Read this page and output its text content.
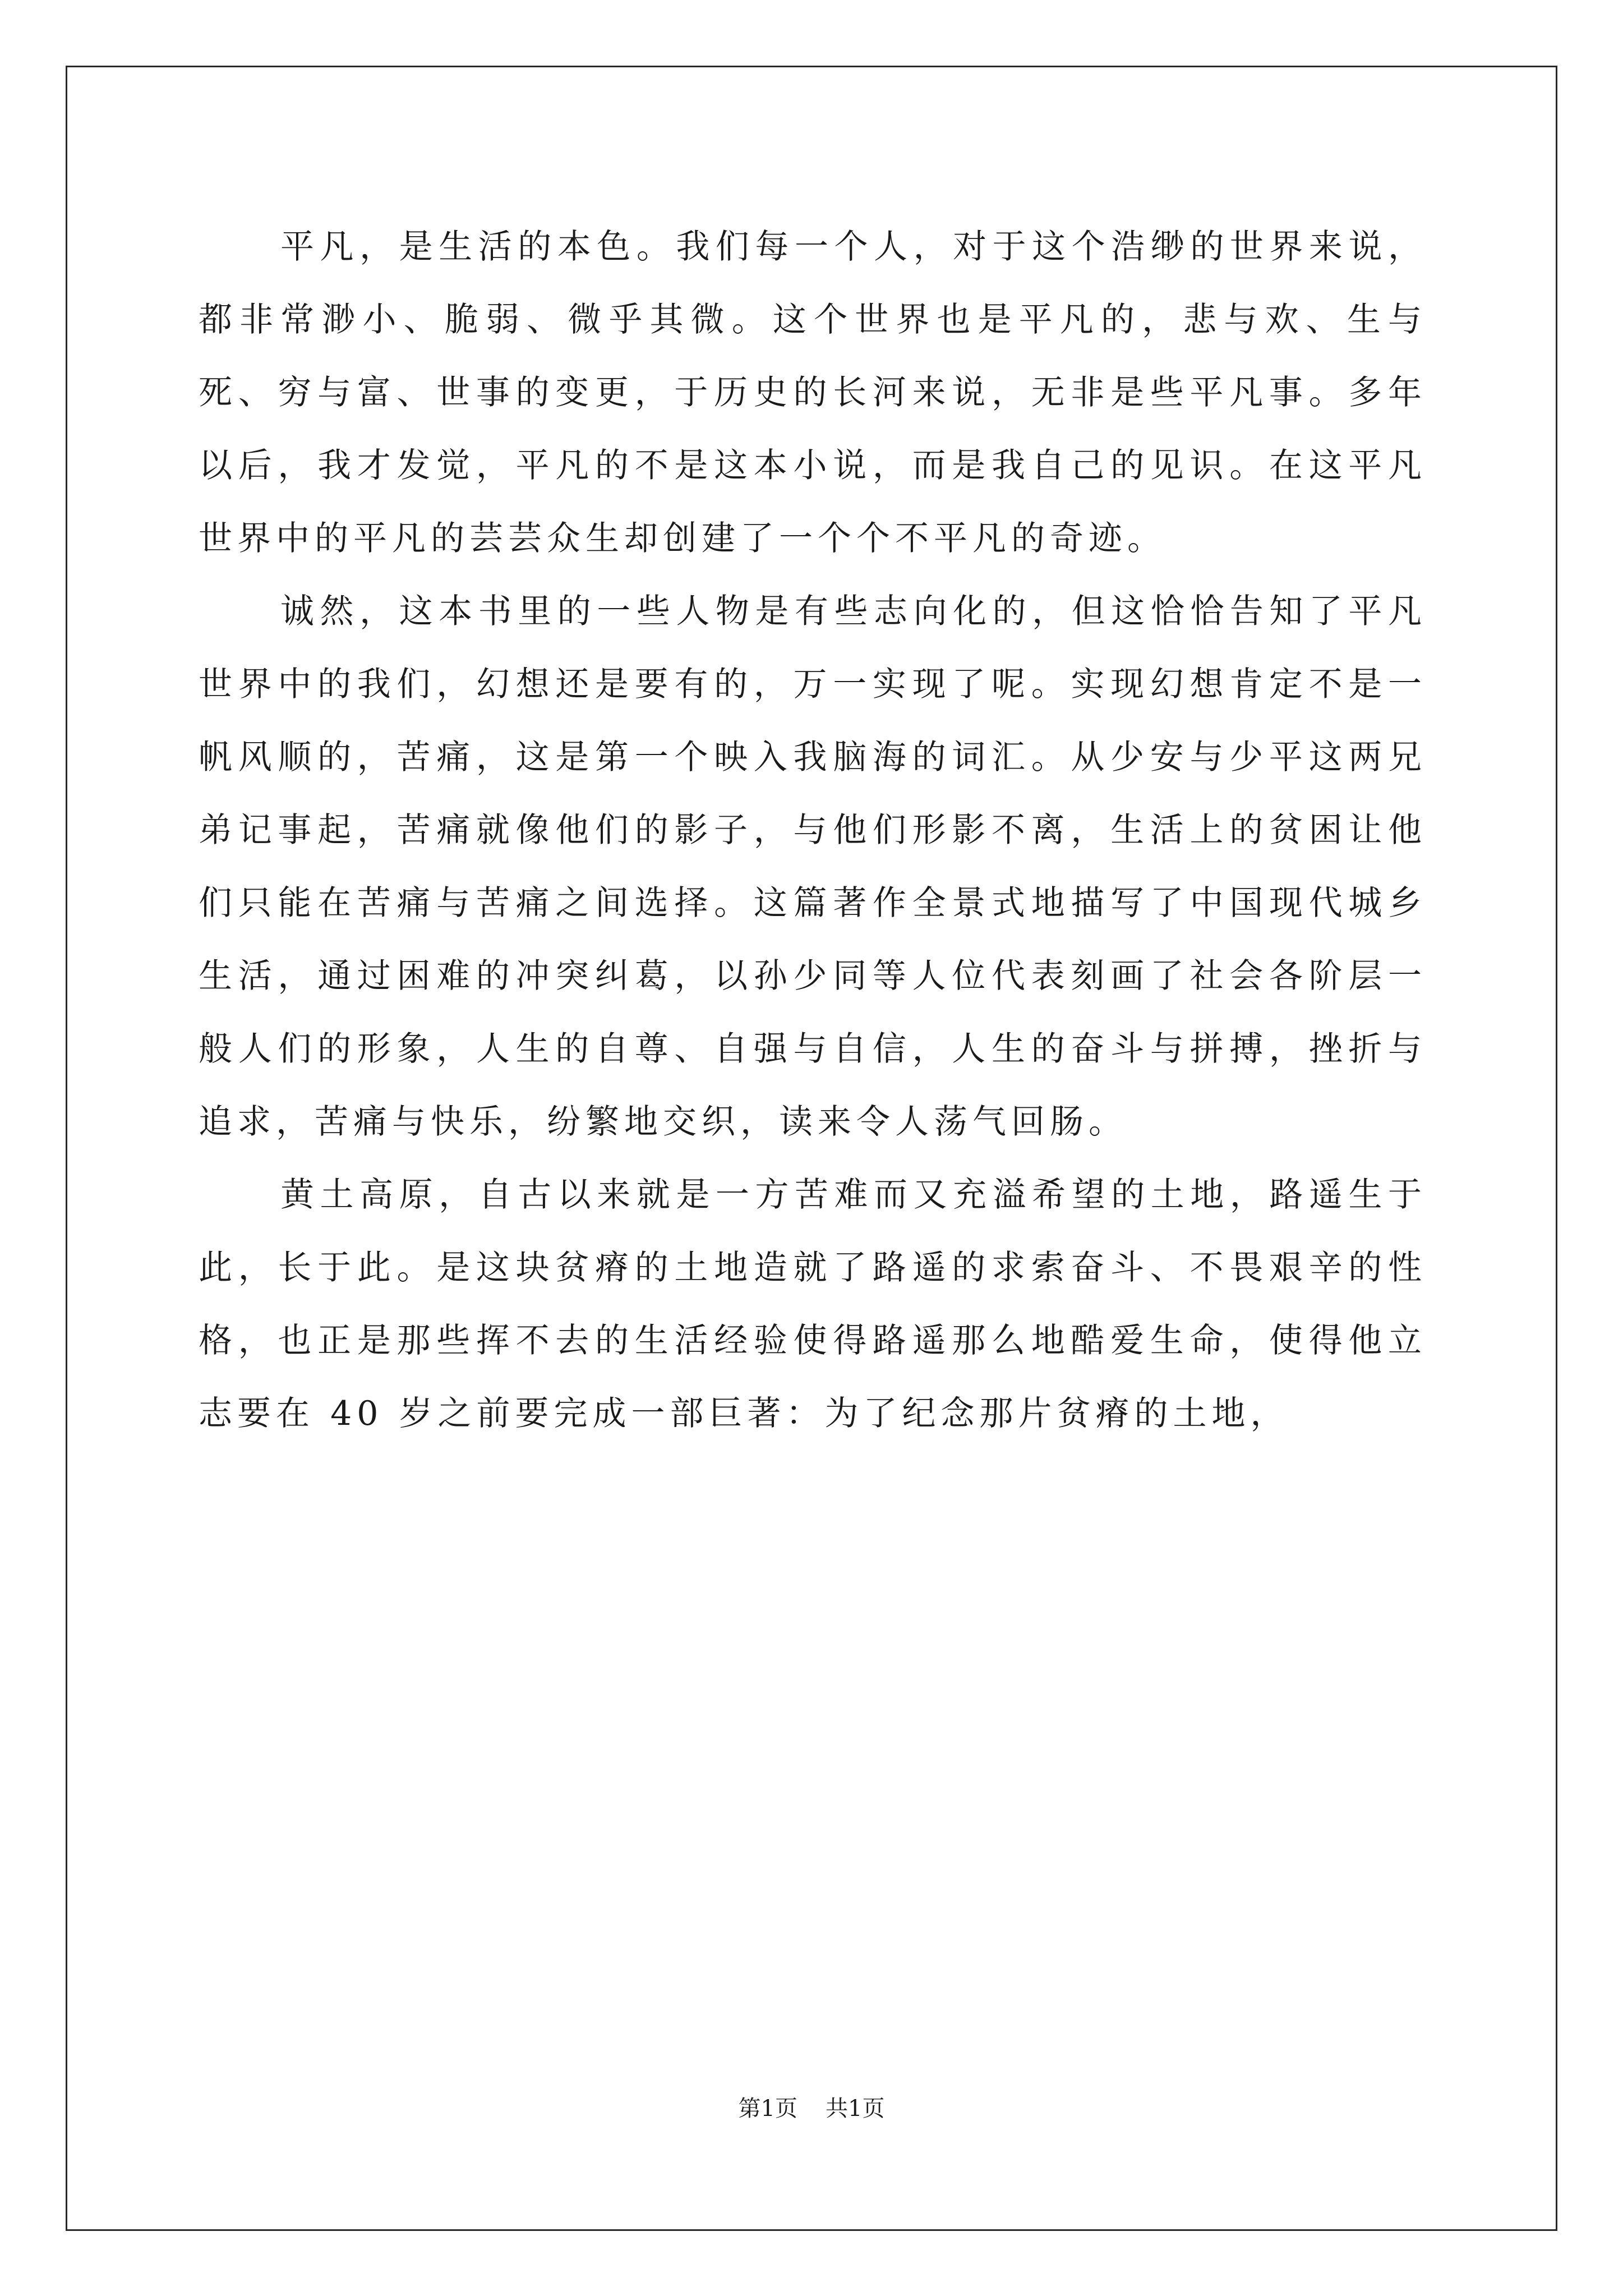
平凡，是生活的本色。我们每一个人，对于这个浩缈的世界来说，都非常渺小、脆弱、微乎其微。这个世界也是平凡的，悲与欢、生与死、穷与富、世事的变更，于历史的长河来说，无非是些平凡事。多年以后，我才发觉，平凡的不是这本小说，而是我自己的见识。在这平凡世界中的平凡的芸芸众生却创建了一个个不平凡的奇迹。

诚然，这本书里的一些人物是有些志向化的，但这恰恰告知了平凡世界中的我们，幻想还是要有的，万一实现了呢。实现幻想肯定不是一帆风顺的，苦痛，这是第一个映入我脑海的词汇。从少安与少平这两兄弟记事起，苦痛就像他们的影子，与他们形影不离，生活上的贫困让他们只能在苦痛与苦痛之间选择。这篇著作全景式地描写了中国现代城乡生活，通过困难的冲突纠葛，以孙少同等人位代表刻画了社会各阶层一般人们的形象，人生的自尊、自强与自信，人生的奋斗与拼搏，挫折与追求，苦痛与快乐，纷繁地交织，读来令人荡气回肠。

黄土高原，自古以来就是一方苦难而又充溢希望的土地，路遥生于此，长于此。是这块贫瘠的土地造就了路遥的求索奋斗、不畏艰辛的性格，也正是那些挥不去的生活经验使得路遥那么地酷爱生命，使得他立志要在 40 岁之前要完成一部巨著：为了纪念那片贫瘠的土地，

第1页 共1页
